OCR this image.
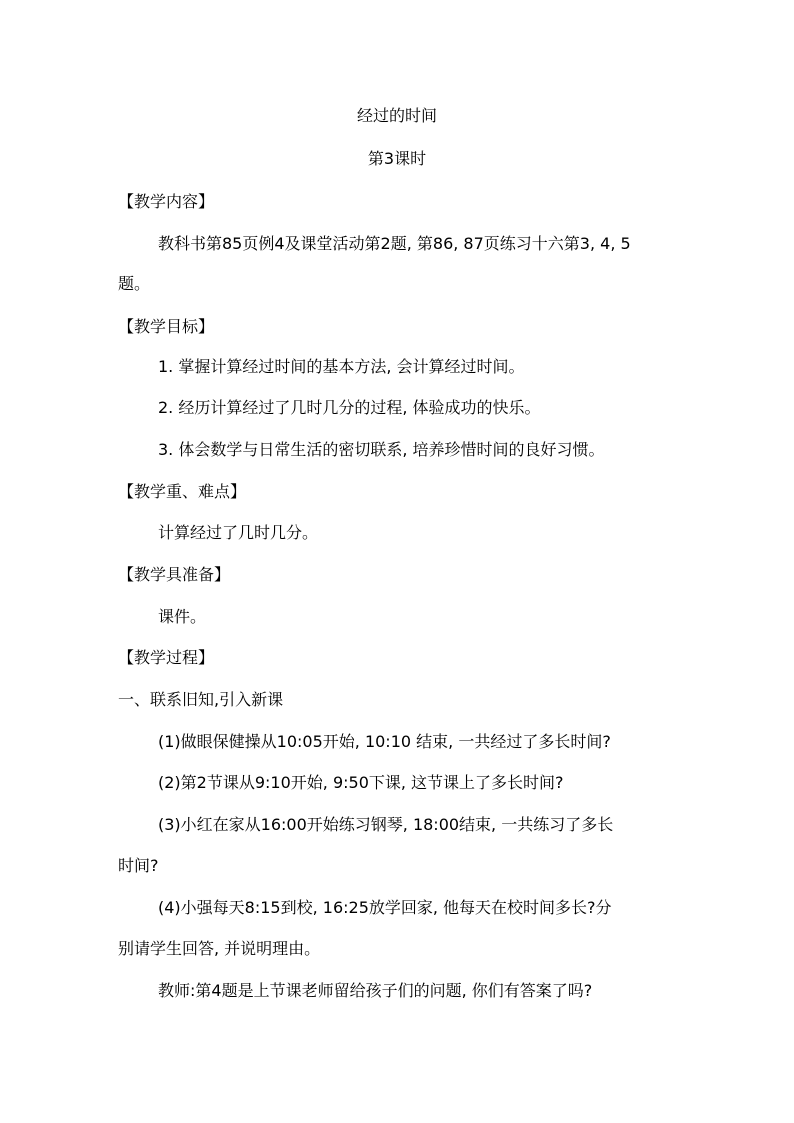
经过的时间
第3课时
【教学内容】
教科书第85页例4及课堂活动第2题, 第86, 87页练习十六第3, 4, 5
题。
【教学目标】
1. 掌握计算经过时间的基本方法, 会计算经过时间。
2. 经历计算经过了几时几分的过程, 体验成功的快乐。
3. 体会数学与日常生活的密切联系, 培养珍惜时间的良好习惯。
【教学重、难点】
计算经过了几时几分。
【教学具准备】
课件。
【教学过程】
一、联系旧知,引入新课
(1)做眼保健操从10:05开始, 10:10 结束, 一共经过了多长时间?
(2)第2节课从9:10开始, 9:50下课, 这节课上了多长时间?
(3)小红在家从16:00开始练习钢琴, 18:00结束, 一共练习了多长
时间?
(4)小强每天8:15到校, 16:25放学回家, 他每天在校时间多长?分
别请学生回答, 并说明理由。
教师:第4题是上节课老师留给孩子们的问题, 你们有答案了吗?
